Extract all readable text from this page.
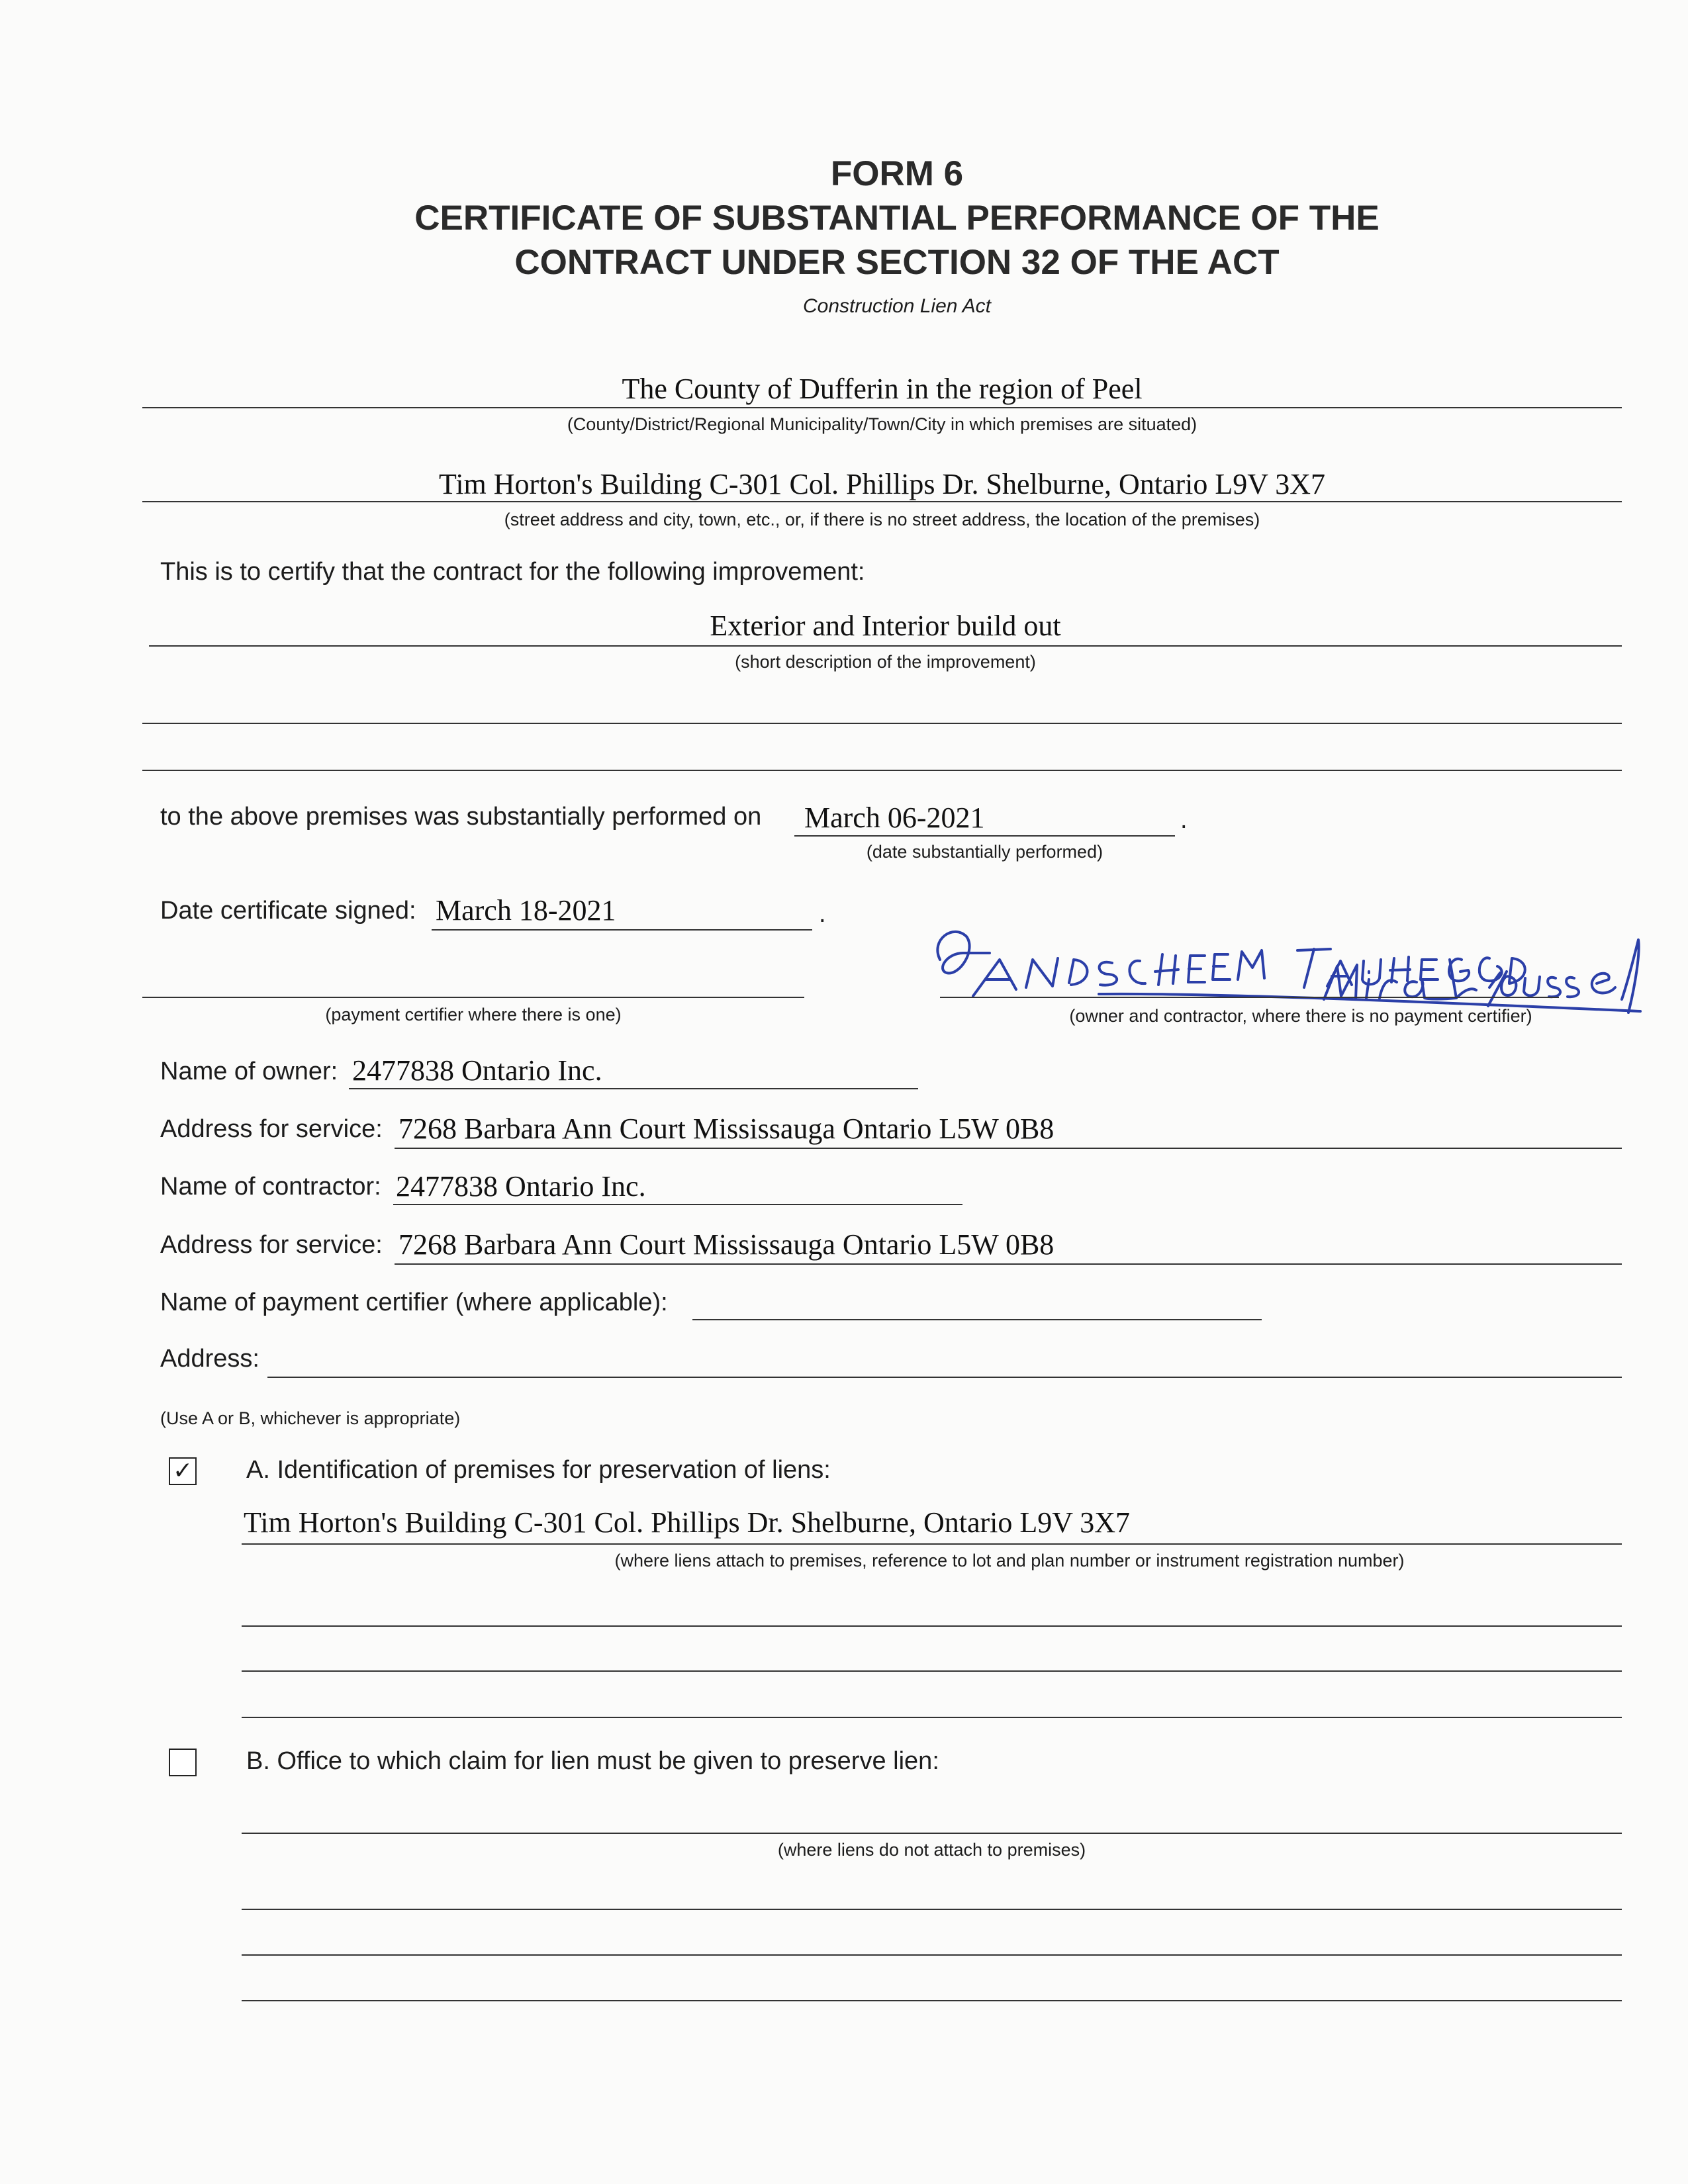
FORM 6
CERTIFICATE OF SUBSTANTIAL PERFORMANCE OF THE
CONTRACT UNDER SECTION 32 OF THE ACT
Construction Lien Act
The County of Dufferin in the region of Peel
(County/District/Regional Municipality/Town/City in which premises are situated)
Tim Horton's Building C-301 Col. Phillips Dr. Shelburne, Ontario L9V 3X7
(street address and city, town, etc., or, if there is no street address, the location of the premises)
This is to certify that the contract for the following improvement:
Exterior and Interior build out
(short description of the improvement)
to the above premises was substantially performed on March 06-2021	.
(date substantially performed)
Date certificate signed: March 18-2021	.
(payment certifier where there is one)	(owner and contractor, where there is no payment certifier)
Name of owner: 2477838 Ontario Inc.
Address for service: 7268 Barbara Ann Court Mississauga Ontario L5W 0B8
Name of contractor: 2477838 Ontario Inc.
Address for service: 7268 Barbara Ann Court Mississauga Ontario L5W 0B8
Name of payment certifier (where applicable):
Address:
(Use A or B, whichever is appropriate)
✓ A. Identification of premises for preservation of liens:
Tim Horton's Building C-301 Col. Phillips Dr. Shelburne, Ontario L9V 3X7
(where liens attach to premises, reference to lot and plan number or instrument registration number)
B. Office to which claim for lien must be given to preserve lien:
(where liens do not attach to premises)
